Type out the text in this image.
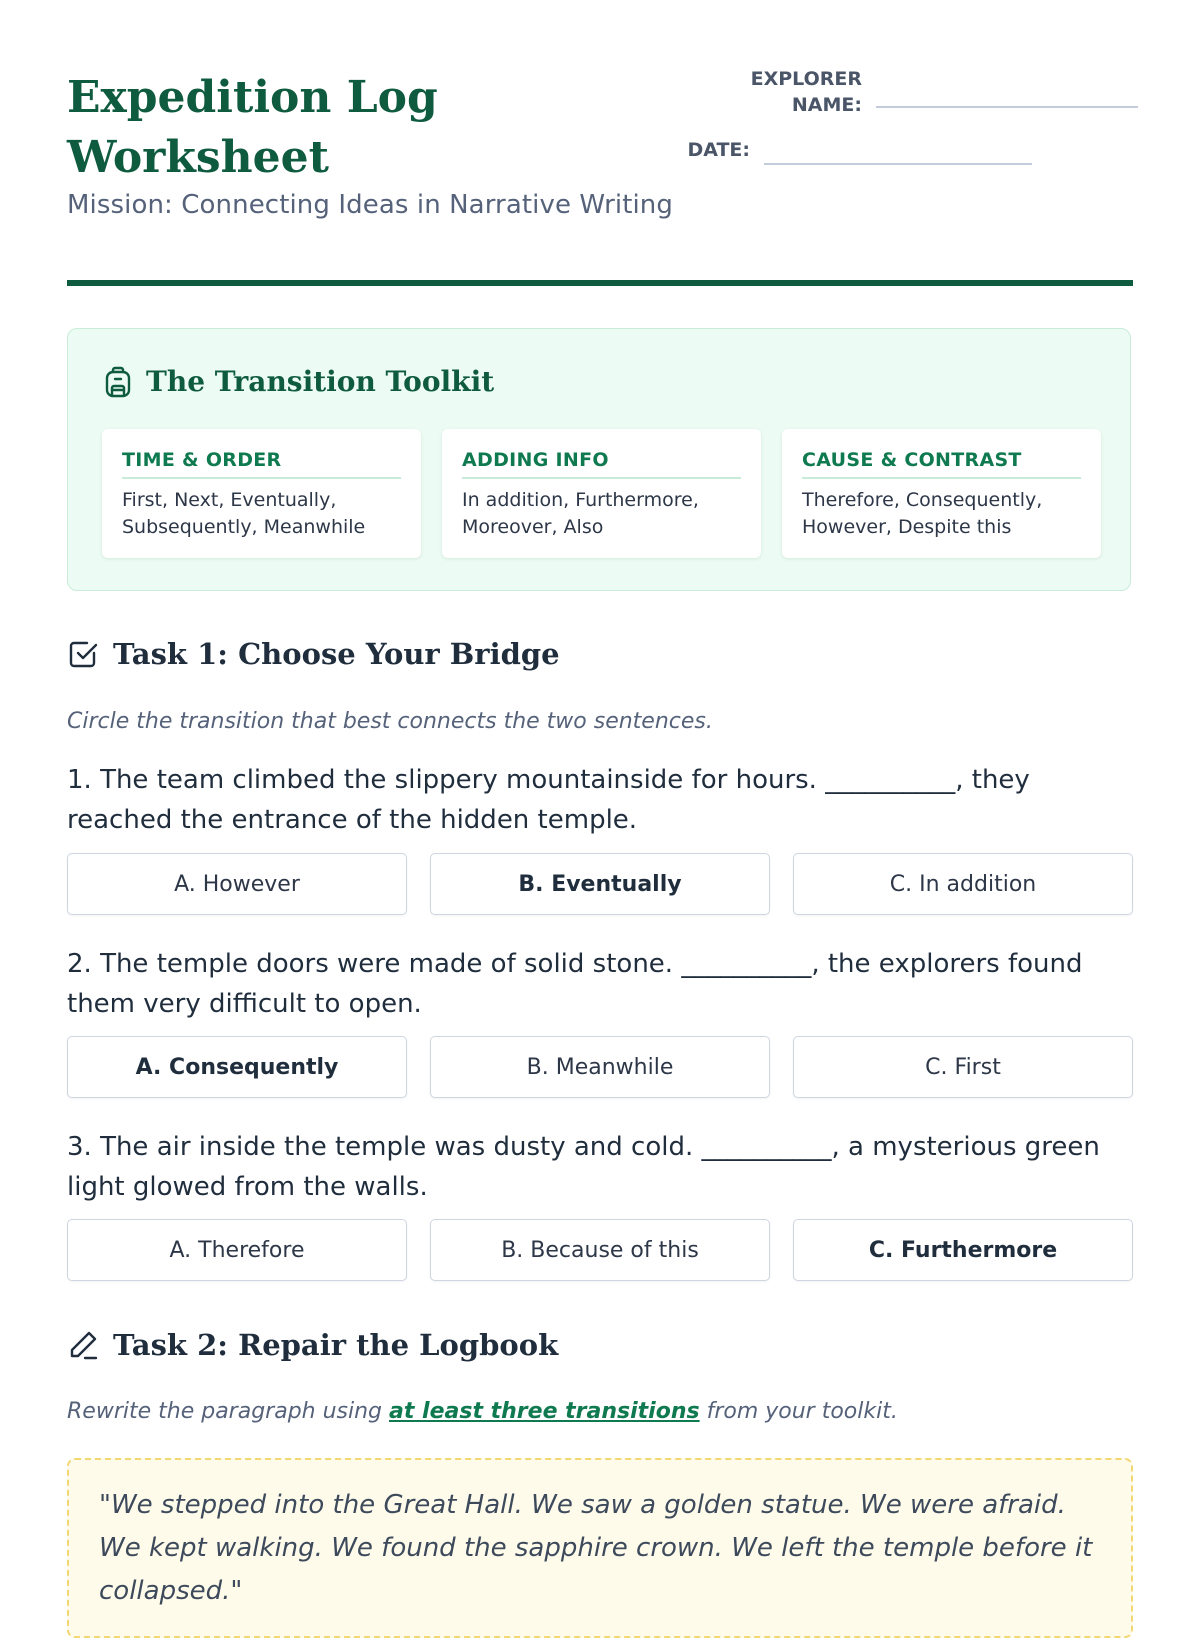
Expedition Log Worksheet
Mission: Connecting Ideas in Narrative Writing
EXPLORER NAME:
DATE:
The Transition Toolkit
TIME & ORDER
First, Next, Eventually, Subsequently, Meanwhile
ADDING INFO
In addition, Furthermore, Moreover, Also
CAUSE & CONTRAST
Therefore, Consequently, However, Despite this
Task 1: Choose Your Bridge
Circle the transition that best connects the two sentences.
1. The team climbed the slippery mountainside for hours. __________, they reached the entrance of the hidden temple.
A. However	B. Eventually	C. In addition
2. The temple doors were made of solid stone. __________, the explorers found them very difficult to open.
A. Consequently	B. Meanwhile	C. First
3. The air inside the temple was dusty and cold. __________, a mysterious green light glowed from the walls.
A. Therefore	B. Because of this	C. Furthermore
Task 2: Repair the Logbook
Rewrite the paragraph using at least three transitions from your toolkit.
"We stepped into the Great Hall. We saw a golden statue. We were afraid. We kept walking. We found the sapphire crown. We left the temple before it collapsed."
